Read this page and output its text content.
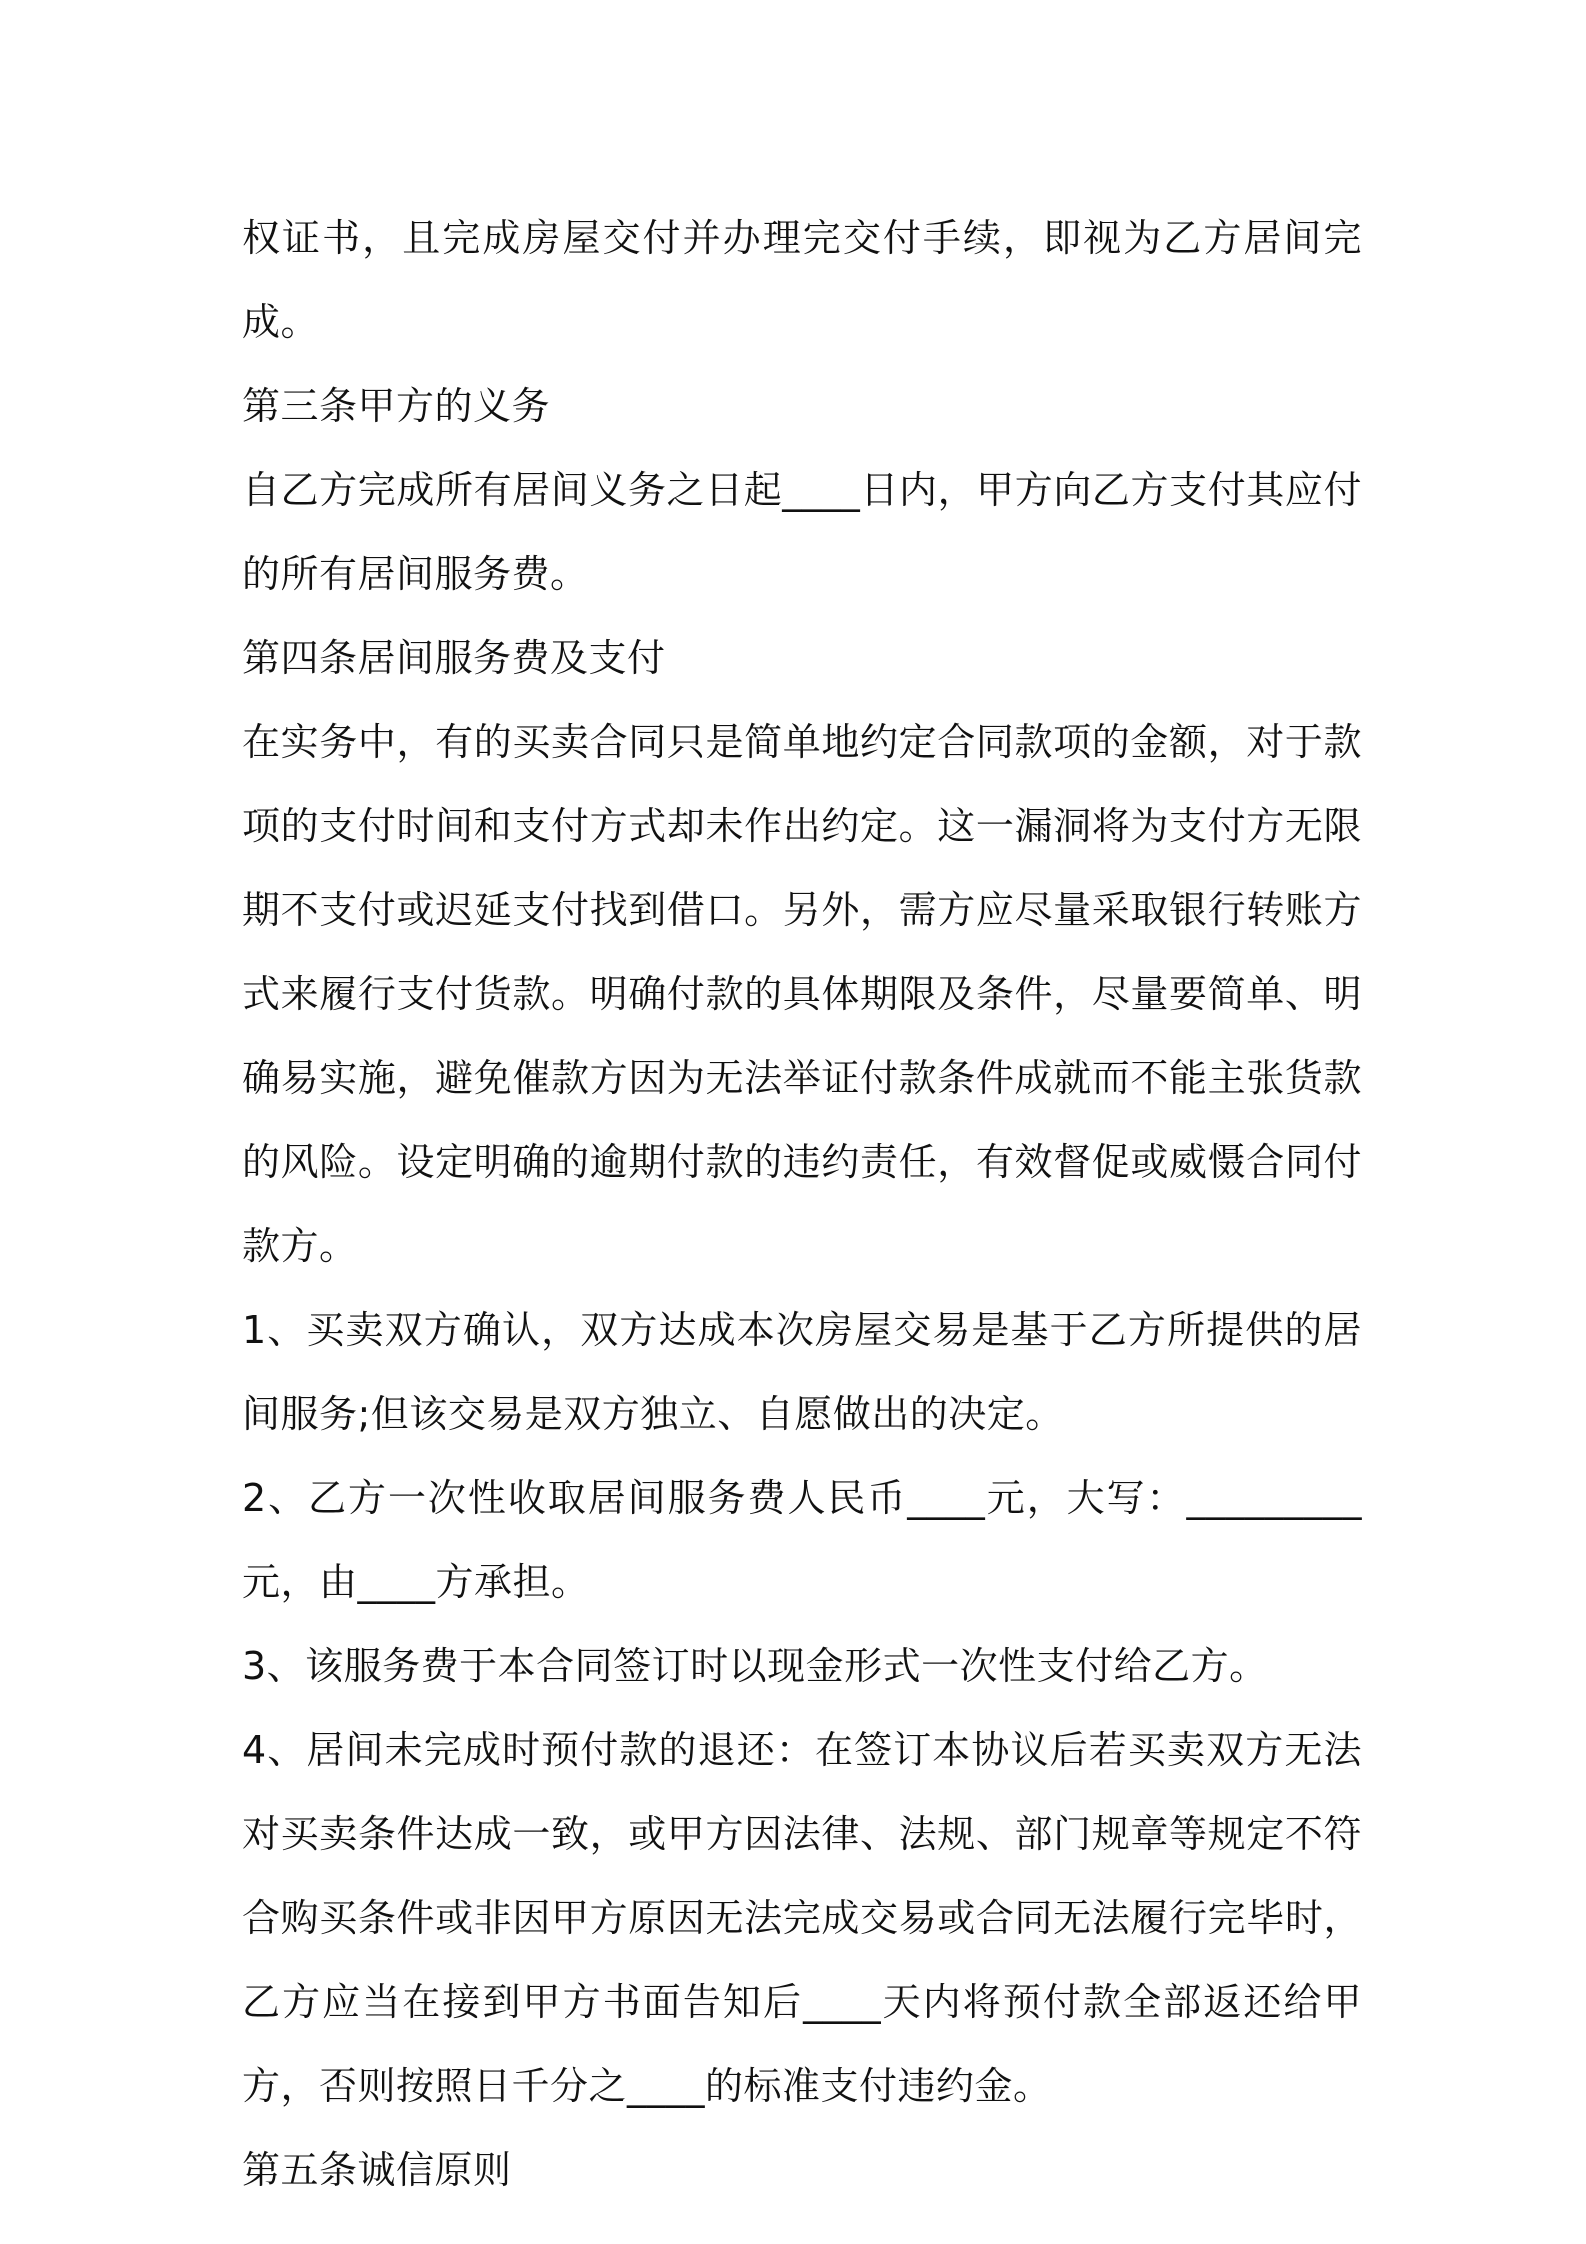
权证书，且完成房屋交付并办理完交付手续，即视为乙方居间完成。

第三条甲方的义务

自乙方完成所有居间义务之日起____日内，甲方向乙方支付其应付的所有居间服务费。

第四条居间服务费及支付

在实务中，有的买卖合同只是简单地约定合同款项的金额，对于款项的支付时间和支付方式却未作出约定。这一漏洞将为支付方无限期不支付或迟延支付找到借口。另外，需方应尽量采取银行转账方式来履行支付货款。明确付款的具体期限及条件，尽量要简单、明确易实施，避免催款方因为无法举证付款条件成就而不能主张货款的风险。设定明确的逾期付款的违约责任，有效督促或威慑合同付款方。

1、买卖双方确认，双方达成本次房屋交易是基于乙方所提供的居间服务;但该交易是双方独立、自愿做出的决定。

2、乙方一次性收取居间服务费人民币____元，大写：_________元，由____方承担。

3、该服务费于本合同签订时以现金形式一次性支付给乙方。

4、居间未完成时预付款的退还：在签订本协议后若买卖双方无法对买卖条件达成一致，或甲方因法律、法规、部门规章等规定不符合购买条件或非因甲方原因无法完成交易或合同无法履行完毕时，乙方应当在接到甲方书面告知后____天内将预付款全部返还给甲方，否则按照日千分之____的标准支付违约金。

第五条诚信原则
